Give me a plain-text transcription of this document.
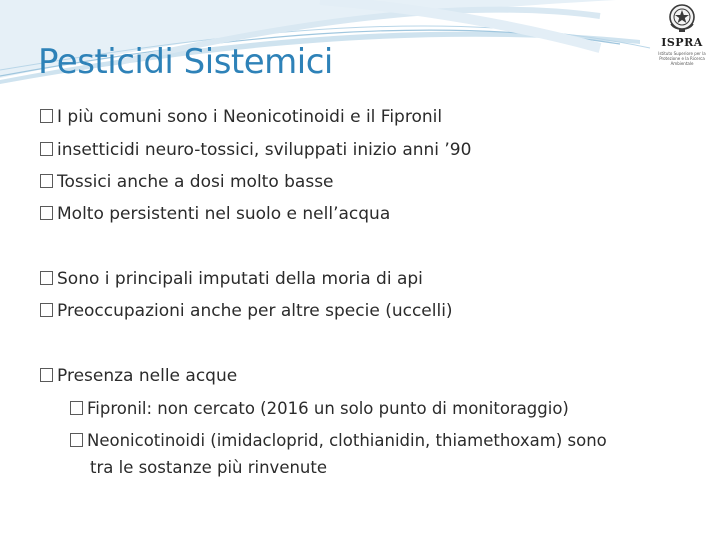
Pesticidi Sistemici	ISPRA
Istituto Superiore per la Protezione e la Ricerca Ambientale
I più comuni sono i Neonicotinoidi e il Fipronil
insetticidi neuro-tossici, sviluppati inizio anni ’90
Tossici anche a dosi molto basse
Molto persistenti nel suolo e nell’acqua
Sono i principali imputati della moria di api
Preoccupazioni anche per altre specie (uccelli)
Presenza nelle acque
Fipronil: non cercato (2016 un solo punto di monitoraggio)
Neonicotinoidi (imidacloprid, clothianidin, thiamethoxam) sono
tra le sostanze più rinvenute
